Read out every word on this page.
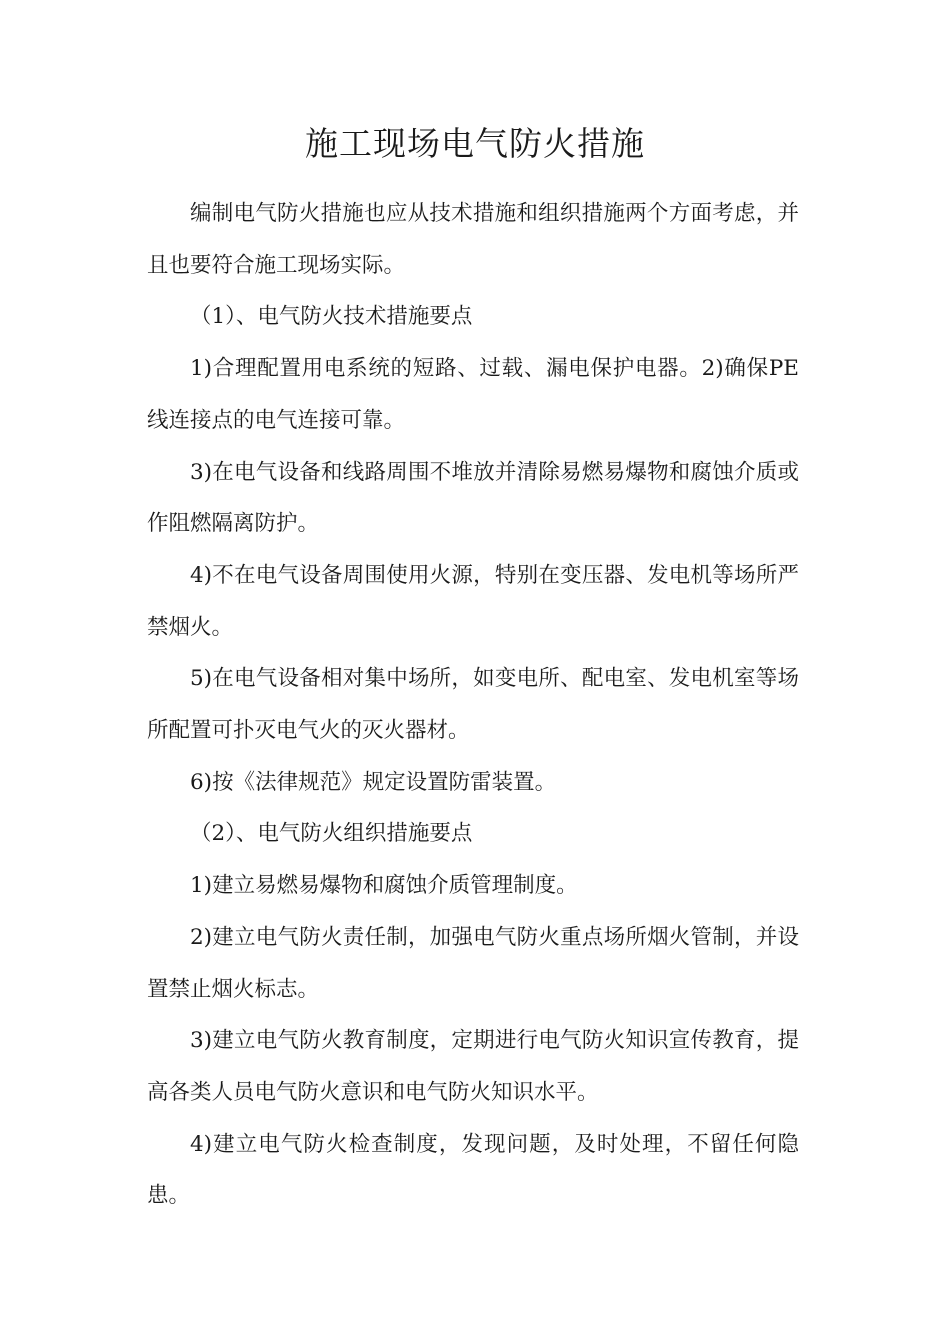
施工现场电气防火措施

编制电气防火措施也应从技术措施和组织措施两个方面考虑，并且也要符合施工现场实际。

（1）、电气防火技术措施要点

1)合理配置用电系统的短路、过载、漏电保护电器。2)确保PE线连接点的电气连接可靠。

3)在电气设备和线路周围不堆放并清除易燃易爆物和腐蚀介质或作阻燃隔离防护。

4)不在电气设备周围使用火源，特别在变压器、发电机等场所严禁烟火。

5)在电气设备相对集中场所，如变电所、配电室、发电机室等场所配置可扑灭电气火的灭火器材。

6)按《法律规范》规定设置防雷装置。

（2）、电气防火组织措施要点

1)建立易燃易爆物和腐蚀介质管理制度。

2)建立电气防火责任制，加强电气防火重点场所烟火管制，并设置禁止烟火标志。

3)建立电气防火教育制度，定期进行电气防火知识宣传教育，提高各类人员电气防火意识和电气防火知识水平。

4)建立电气防火检查制度，发现问题，及时处理，不留任何隐患。
